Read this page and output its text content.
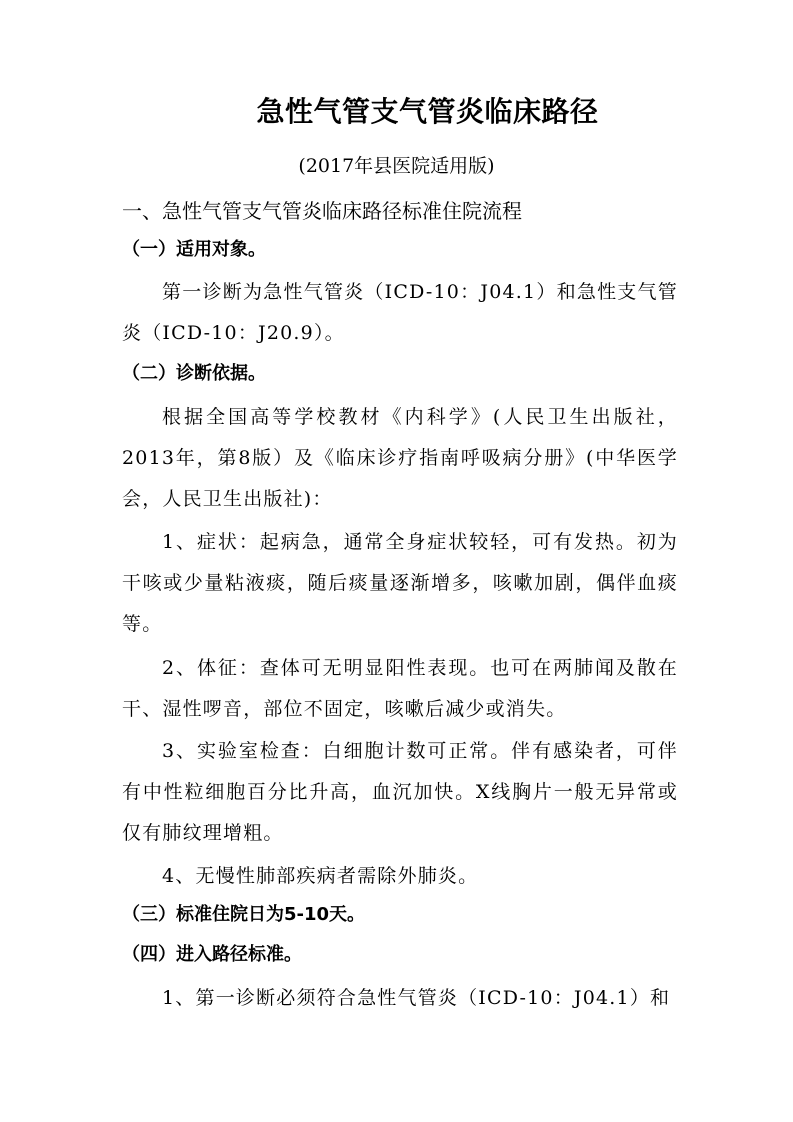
急性气管支气管炎临床路径
(2017年县医院适用版)
一、急性气管支气管炎临床路径标准住院流程
（一）适用对象。
第一诊断为急性气管炎（ICD-10：J04.1）和急性支气管炎（ICD-10：J20.9）。
（二）诊断依据。
根据全国高等学校教材《内科学》(人民卫生出版社，2013年，第8版）及《临床诊疗指南呼吸病分册》(中华医学会，人民卫生出版社)：
1、症状：起病急，通常全身症状较轻，可有发热。初为干咳或少量粘液痰，随后痰量逐渐增多，咳嗽加剧，偶伴血痰等。
2、体征：查体可无明显阳性表现。也可在两肺闻及散在干、湿性啰音，部位不固定，咳嗽后减少或消失。
3、实验室检查：白细胞计数可正常。伴有感染者，可伴有中性粒细胞百分比升高，血沉加快。X线胸片一般无异常或仅有肺纹理增粗。
4、无慢性肺部疾病者需除外肺炎。
（三）标准住院日为5-10天。
（四）进入路径标准。
1、第一诊断必须符合急性气管炎（ICD-10：J04.1）和
